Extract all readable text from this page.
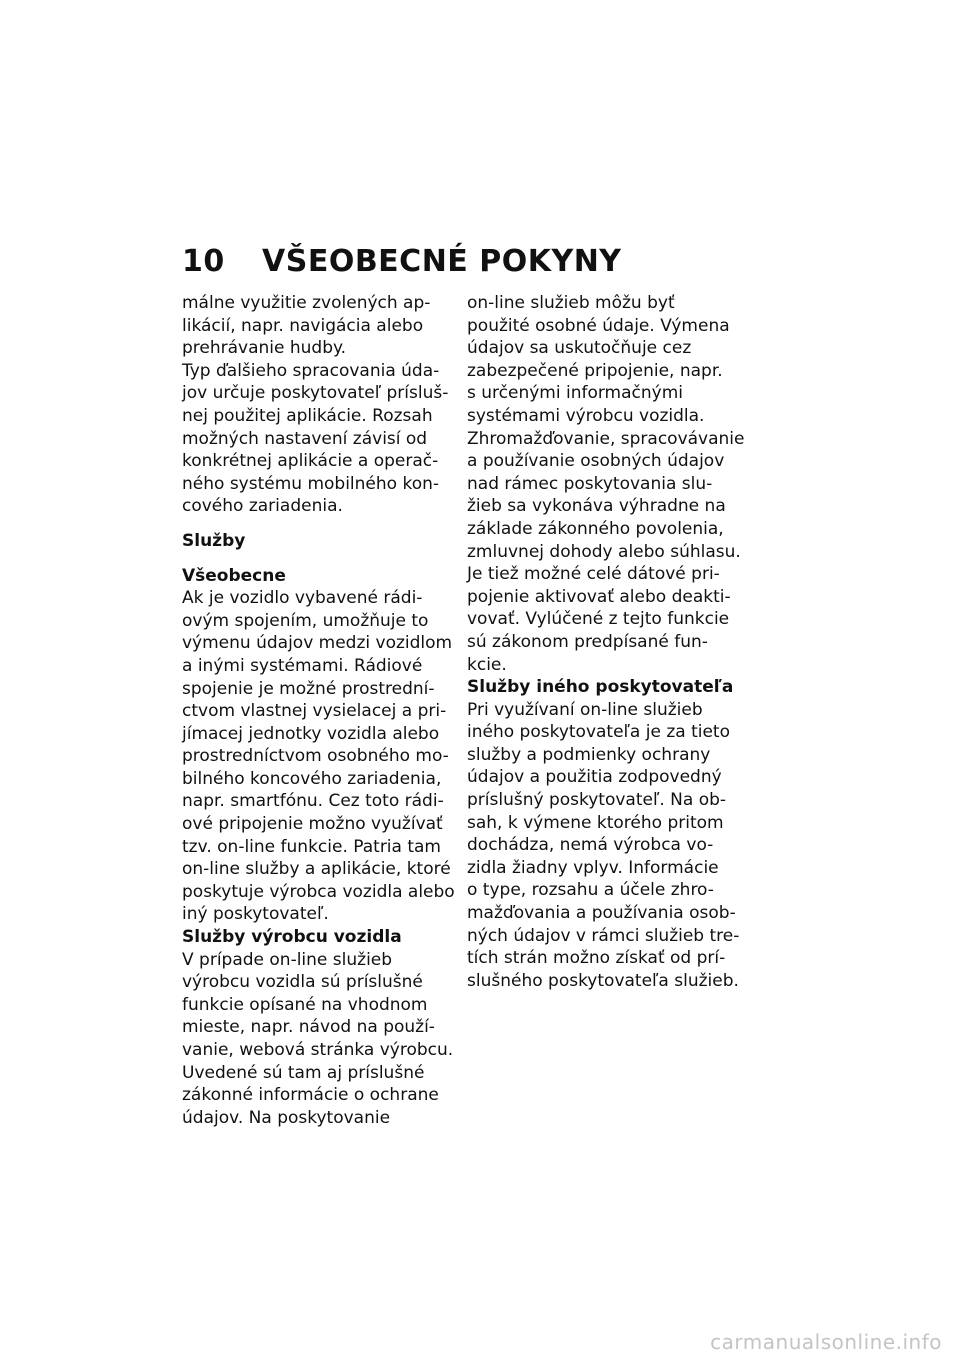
10 VŠEOBECNÉ POKYNY
málne využitie zvolených ap-
likácií, napr. navigácia alebo
prehrávanie hudby.
Typ ďalšieho spracovania úda-
jov určuje poskytovateľ prísluš-
nej použitej aplikácie. Rozsah
možných nastavení závisí od
konkrétnej aplikácie a operač-
ného systému mobilného kon-
cového zariadenia.
Služby
Všeobecne
Ak je vozidlo vybavené rádi-
ovým spojením, umožňuje to
výmenu údajov medzi vozidlom
a inými systémami. Rádiové
spojenie je možné prostrední-
ctvom vlastnej vysielacej a pri-
jímacej jednotky vozidla alebo
prostredníctvom osobného mo-
bilného koncového zariadenia,
napr. smartfónu. Cez toto rádi-
ové pripojenie možno využívať
tzv. on-line funkcie. Patria tam
on-line služby a aplikácie, ktoré
poskytuje výrobca vozidla alebo
iný poskytovateľ.
Služby výrobcu vozidla
V prípade on-line služieb
výrobcu vozidla sú príslušné
funkcie opísané na vhodnom
mieste, napr. návod na použí-
vanie, webová stránka výrobcu.
Uvedené sú tam aj príslušné
zákonné informácie o ochrane
údajov. Na poskytovanie
on-line služieb môžu byť
použité osobné údaje. Výmena
údajov sa uskutočňuje cez
zabezpečené pripojenie, napr.
s určenými informačnými
systémami výrobcu vozidla.
Zhromažďovanie, spracovávanie
a používanie osobných údajov
nad rámec poskytovania slu-
žieb sa vykonáva výhradne na
základe zákonného povolenia,
zmluvnej dohody alebo súhlasu.
Je tiež možné celé dátové pri-
pojenie aktivovať alebo deakti-
vovať. Vylúčené z tejto funkcie
sú zákonom predpísané fun-
kcie.
Služby iného poskytovateľa
Pri využívaní on-line služieb
iného poskytovateľa je za tieto
služby a podmienky ochrany
údajov a použitia zodpovedný
príslušný poskytovateľ. Na ob-
sah, k výmene ktorého pritom
dochádza, nemá výrobca vo-
zidla žiadny vplyv. Informácie
o type, rozsahu a účele zhro-
mažďovania a používania osob-
ných údajov v rámci služieb tre-
tích strán možno získať od prí-
slušného poskytovateľa služieb.
carmanualsonline.info
